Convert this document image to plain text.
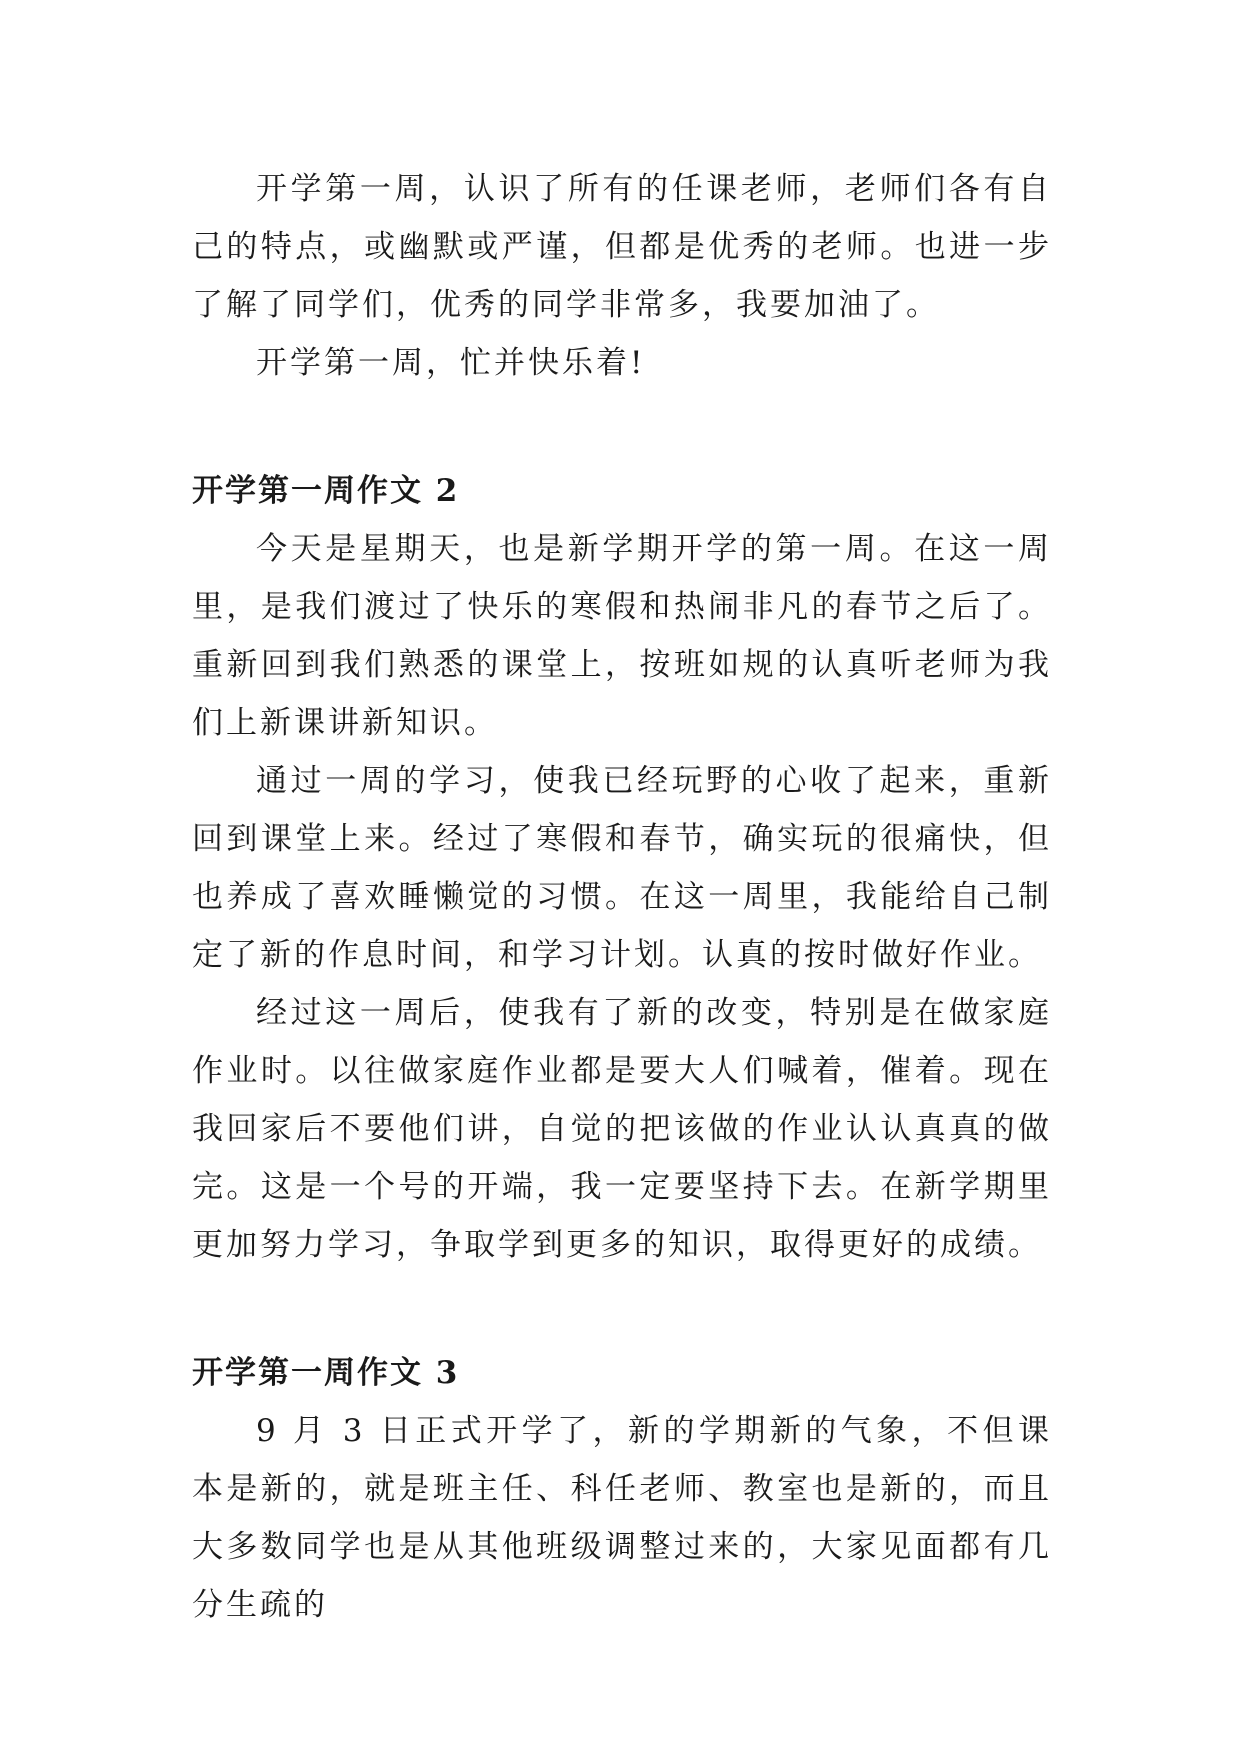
开学第一周，认识了所有的任课老师，老师们各有自己的特点，或幽默或严谨，但都是优秀的老师。也进一步了解了同学们，优秀的同学非常多，我要加油了。

开学第一周，忙并快乐着!

开学第一周作文 2

今天是星期天，也是新学期开学的第一周。在这一周里，是我们渡过了快乐的寒假和热闹非凡的春节之后了。重新回到我们熟悉的课堂上，按班如规的认真听老师为我们上新课讲新知识。

通过一周的学习，使我已经玩野的心收了起来，重新回到课堂上来。经过了寒假和春节，确实玩的很痛快，但也养成了喜欢睡懒觉的习惯。在这一周里，我能给自己制定了新的作息时间，和学习计划。认真的按时做好作业。

经过这一周后，使我有了新的改变，特别是在做家庭作业时。以往做家庭作业都是要大人们喊着，催着。现在我回家后不要他们讲，自觉的把该做的作业认认真真的做完。这是一个号的开端，我一定要坚持下去。在新学期里更加努力学习，争取学到更多的知识，取得更好的成绩。

开学第一周作文 3

9 月 3 日正式开学了，新的学期新的气象，不但课本是新的，就是班主任、科任老师、教室也是新的，而且大多数同学也是从其他班级调整过来的，大家见面都有几分生疏的
